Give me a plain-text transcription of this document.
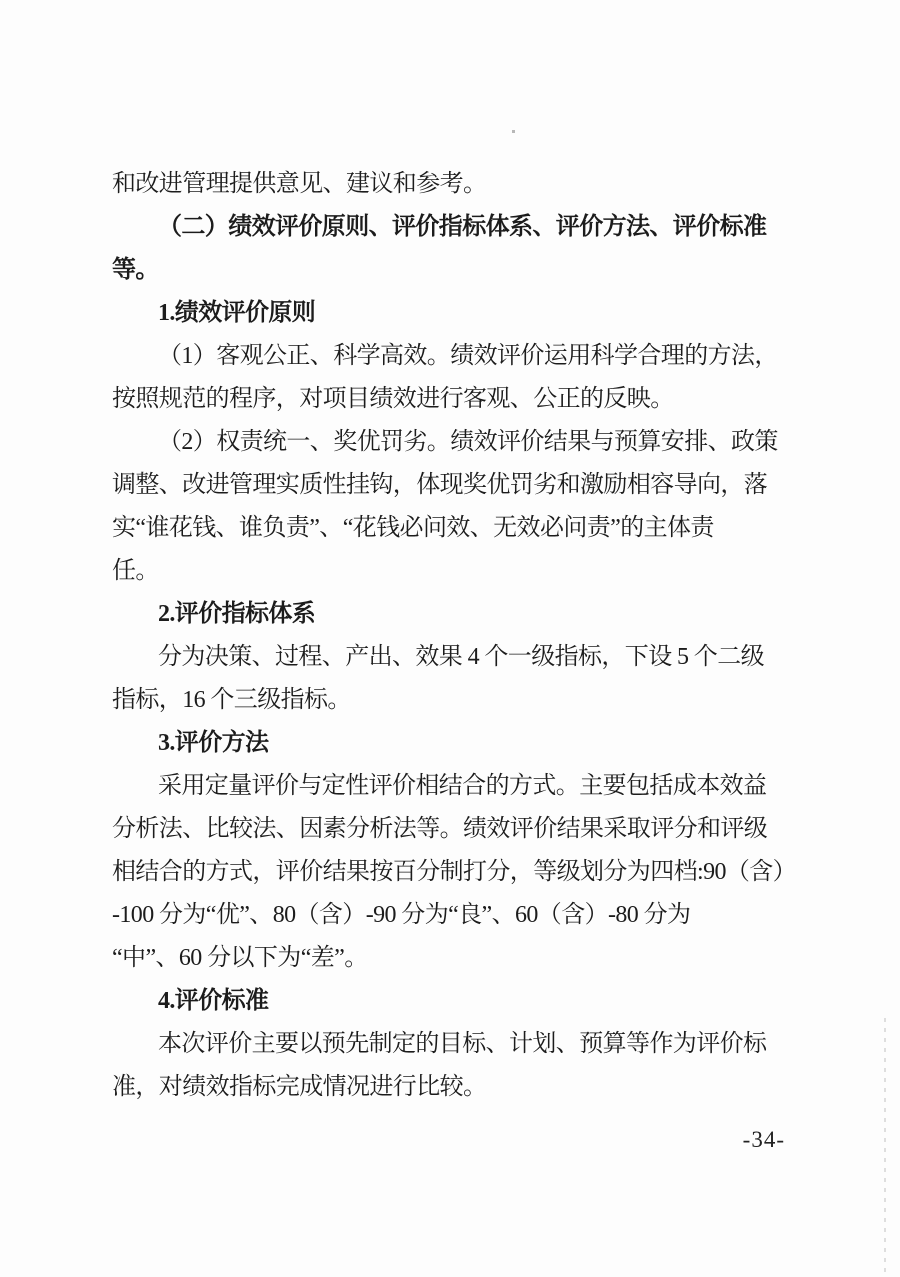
和改进管理提供意见、建议和参考。
（二）绩效评价原则、评价指标体系、评价方法、评价标准
等。
1.绩效评价原则
（1）客观公正、科学高效。绩效评价运用科学合理的方法，
按照规范的程序，对项目绩效进行客观、公正的反映。
（2）权责统一、奖优罚劣。绩效评价结果与预算安排、政策
调整、改进管理实质性挂钩，体现奖优罚劣和激励相容导向，落
实“谁花钱、谁负责”、“花钱必问效、无效必问责”的主体责
任。
2.评价指标体系
分为决策、过程、产出、效果 4 个一级指标，下设 5 个二级
指标，16 个三级指标。
3.评价方法
采用定量评价与定性评价相结合的方式。主要包括成本效益
分析法、比较法、因素分析法等。绩效评价结果采取评分和评级
相结合的方式，评价结果按百分制打分，等级划分为四档:90（含）
-100 分为“优”、80（含）-90 分为“良”、60（含）-80 分为
“中”、60 分以下为“差”。
4.评价标准
本次评价主要以预先制定的目标、计划、预算等作为评价标
准，对绩效指标完成情况进行比较。
-34-
